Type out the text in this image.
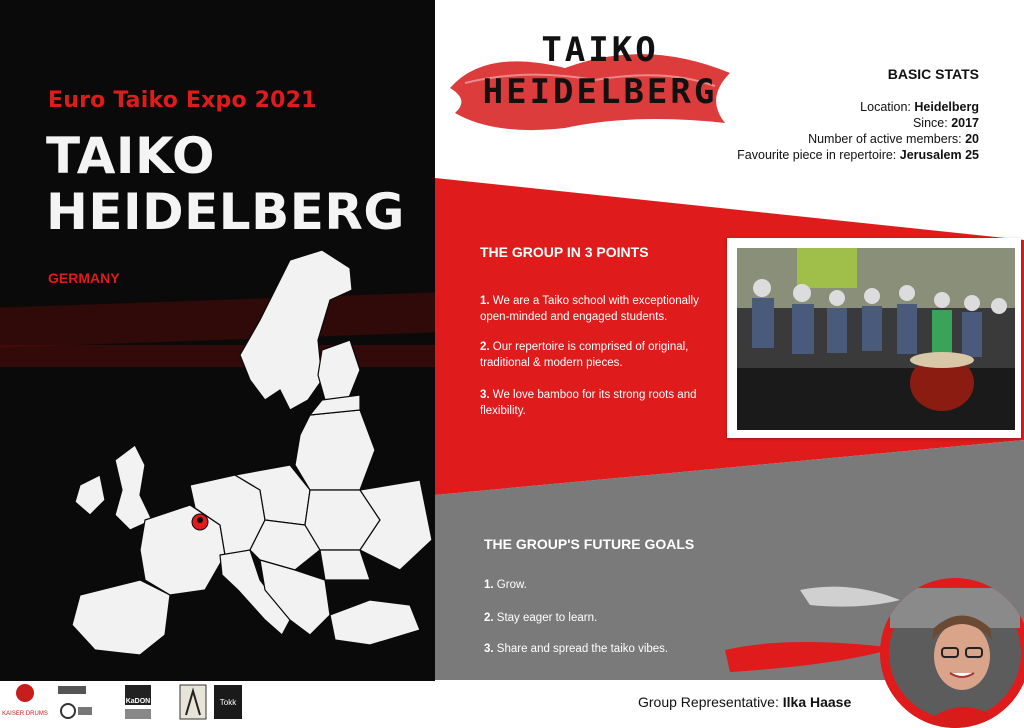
Euro Taiko Expo 2021
TAIKO
HEIDELBERG
GERMANY
TAIKO
HEIDELBERG	BASIC STATS
Location: Heidelberg
Since: 2017
Number of active members: 20
Favourite piece in repertoire: Jerusalem 25
THE GROUP IN 3 POINTS
1. We are a Taiko school with exceptionally open-minded and engaged students.
2. Our repertoire is comprised of original, traditional & modern pieces.
3. We love bamboo for its strong roots and flexibility.
THE GROUP'S FUTURE GOALS
1. Grow.
2. Stay eager to learn.
3. Share and spread the taiko vibes.
Group Representative: Ilka Haase
KAISER DRUMS
KaDON	Tokk
